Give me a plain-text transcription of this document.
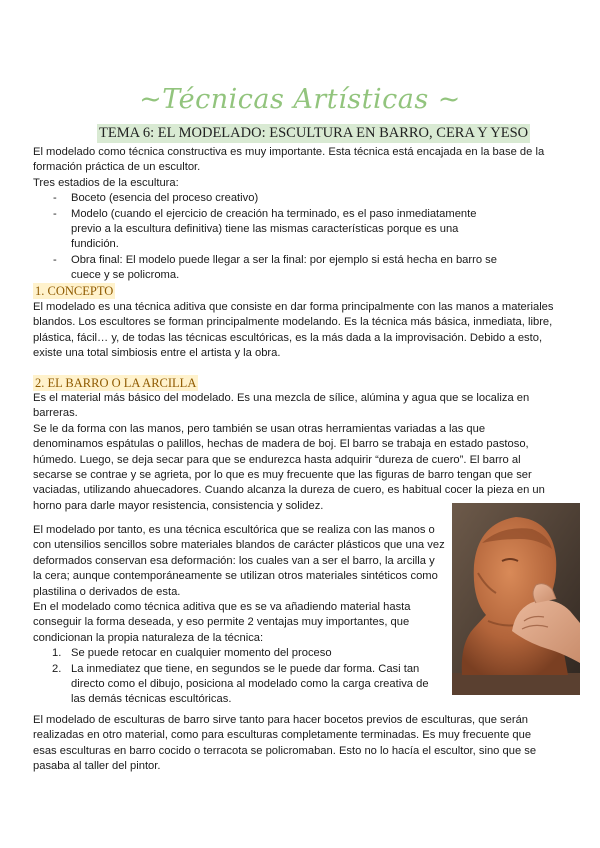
~Técnicas Artísticas ~
TEMA 6: EL MODELADO: ESCULTURA EN BARRO, CERA Y YESO

El modelado como técnica constructiva es muy importante. Esta técnica está encajada en la base de la formación práctica de un escultor.

Tres estadios de la escultura:

- Boceto (esencia del proceso creativo)
- Modelo (cuando el ejercicio de creación ha terminado, es el paso inmediatamente previo a la escultura definitiva) tiene las mismas características porque es una fundición.
- Obra final: El modelo puede llegar a ser la final: por ejemplo si está hecha en barro se cuece y se policroma.
1. CONCEPTO

El modelado es una técnica aditiva que consiste en dar forma principalmente con las manos a materiales blandos. Los escultores se forman principalmente modelando. Es la técnica más básica, inmediata, libre, plástica, fácil… y, de todas las técnicas escultóricas, es la más dada a la improvisación. Debido a esto, existe una total simbiosis entre el artista y la obra.

2. EL BARRO O LA ARCILLA

Es el material más básico del modelado. Es una mezcla de sílice, alúmina y agua que se localiza en barreras.

Se le da forma con las manos, pero también se usan otras herramientas variadas a las que denominamos espátulas o palillos, hechas de madera de boj. El barro se trabaja en estado pastoso, húmedo. Luego, se deja secar para que se endurezca hasta adquirir “dureza de cuero”. El barro al secarse se contrae y se agrieta, por lo que es muy frecuente que las figuras de barro tengan que ser vaciadas, utilizando ahuecadores. Cuando alcanza la dureza de cuero, es habitual cocer la pieza en un horno para darle mayor resistencia, consistencia y solidez.

El modelado por tanto, es una técnica escultórica que se realiza con las manos o con utensilios sencillos sobre materiales blandos de carácter plásticos que una vez deformados conservan esa deformación: los cuales van a ser el barro, la arcilla y la cera; aunque contemporáneamente se utilizan otros materiales sintéticos como plastilina o derivados de esta.

En el modelado como técnica aditiva que es se va añadiendo material hasta conseguir la forma deseada, y eso permite 2 ventajas muy importantes, que condicionan la propia naturaleza de la técnica:

1. Se puede retocar en cualquier momento del proceso
2. La inmediatez que tiene, en segundos se le puede dar forma. Casi tan directo como el dibujo, posiciona al modelado como la carga creativa de las demás técnicas escultóricas.

El modelado de esculturas de barro sirve tanto para hacer bocetos previos de esculturas, que serán realizadas en otro material, como para esculturas completamente terminadas. Es muy frecuente que esas esculturas en barro cocido o terracota se policromaban. Esto no lo hacía el escultor, sino que se pasaba al taller del pintor.
